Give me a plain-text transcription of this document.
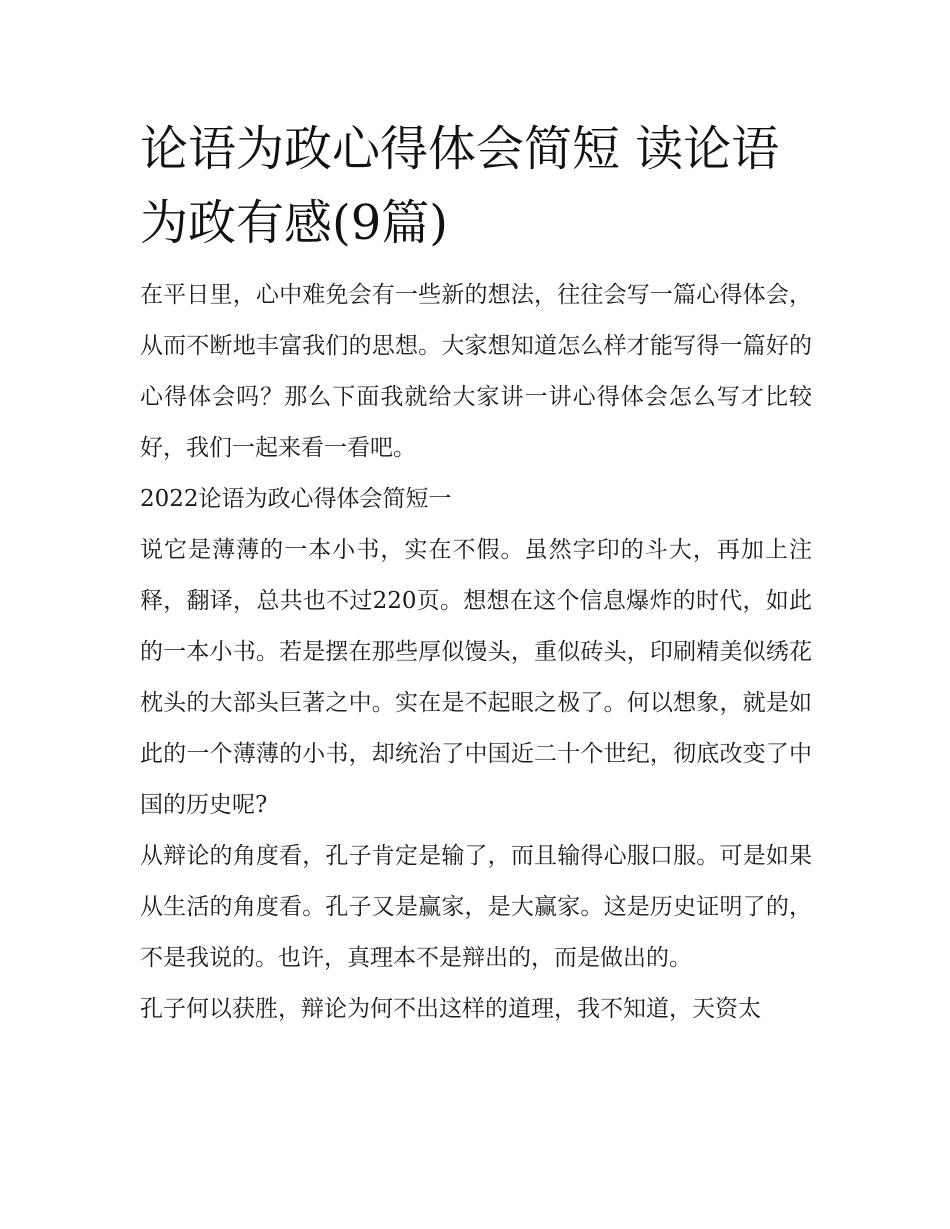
论语为政心得体会简短 读论语为政有感(9篇)

在平日里，心中难免会有一些新的想法，往往会写一篇心得体会，从而不断地丰富我们的思想。大家想知道怎么样才能写得一篇好的心得体会吗？那么下面我就给大家讲一讲心得体会怎么写才比较好，我们一起来看一看吧。

2022论语为政心得体会简短一

说它是薄薄的一本小书，实在不假。虽然字印的斗大，再加上注释，翻译，总共也不过220页。想想在这个信息爆炸的时代，如此的一本小书。若是摆在那些厚似馒头，重似砖头，印刷精美似绣花枕头的大部头巨著之中。实在是不起眼之极了。何以想象，就是如此的一个薄薄的小书，却统治了中国近二十个世纪，彻底改变了中国的历史呢?

从辩论的角度看，孔子肯定是输了，而且输得心服口服。可是如果从生活的角度看。孔子又是赢家，是大赢家。这是历史证明了的，不是我说的。也许，真理本不是辩出的，而是做出的。

孔子何以获胜，辩论为何不出这样的道理，我不知道，天资太
